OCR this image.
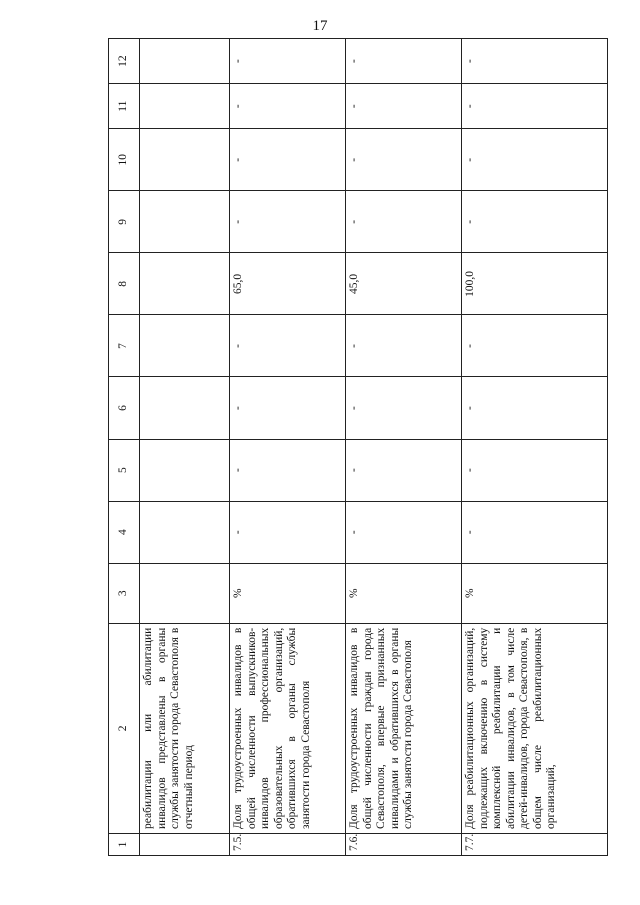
17
1	2	3	4	5	6	7	8	9	10	11	12
	реабилитации или абилитации инвалидов представлены в органы службы занятости города Севастополя в отчетный период										
7.5.	Доля трудоустроенных инвалидов в общей численности выпускников-инвалидов профессиональных образовательных организаций, обратившихся в органы службы занятости города Севастополя	%	-	-	-	-	65,0	-	-	-	-
7.6.	Доля трудоустроенных инвалидов в общей численности граждан города Севастополя, впервые признанных инвалидами и обратившихся в органы службы занятости города Севастополя	%	-	-	-	-	45,0	-	-	-	-
7.7.	Доля реабилитационных организаций, подлежащих включению в систему комплексной реабилитации и абилитации инвалидов, в том числе детей-инвалидов, города Севастополя, в общем числе реабилитационных организаций,	%	-	-	-	-	100,0	-	-	-	-
